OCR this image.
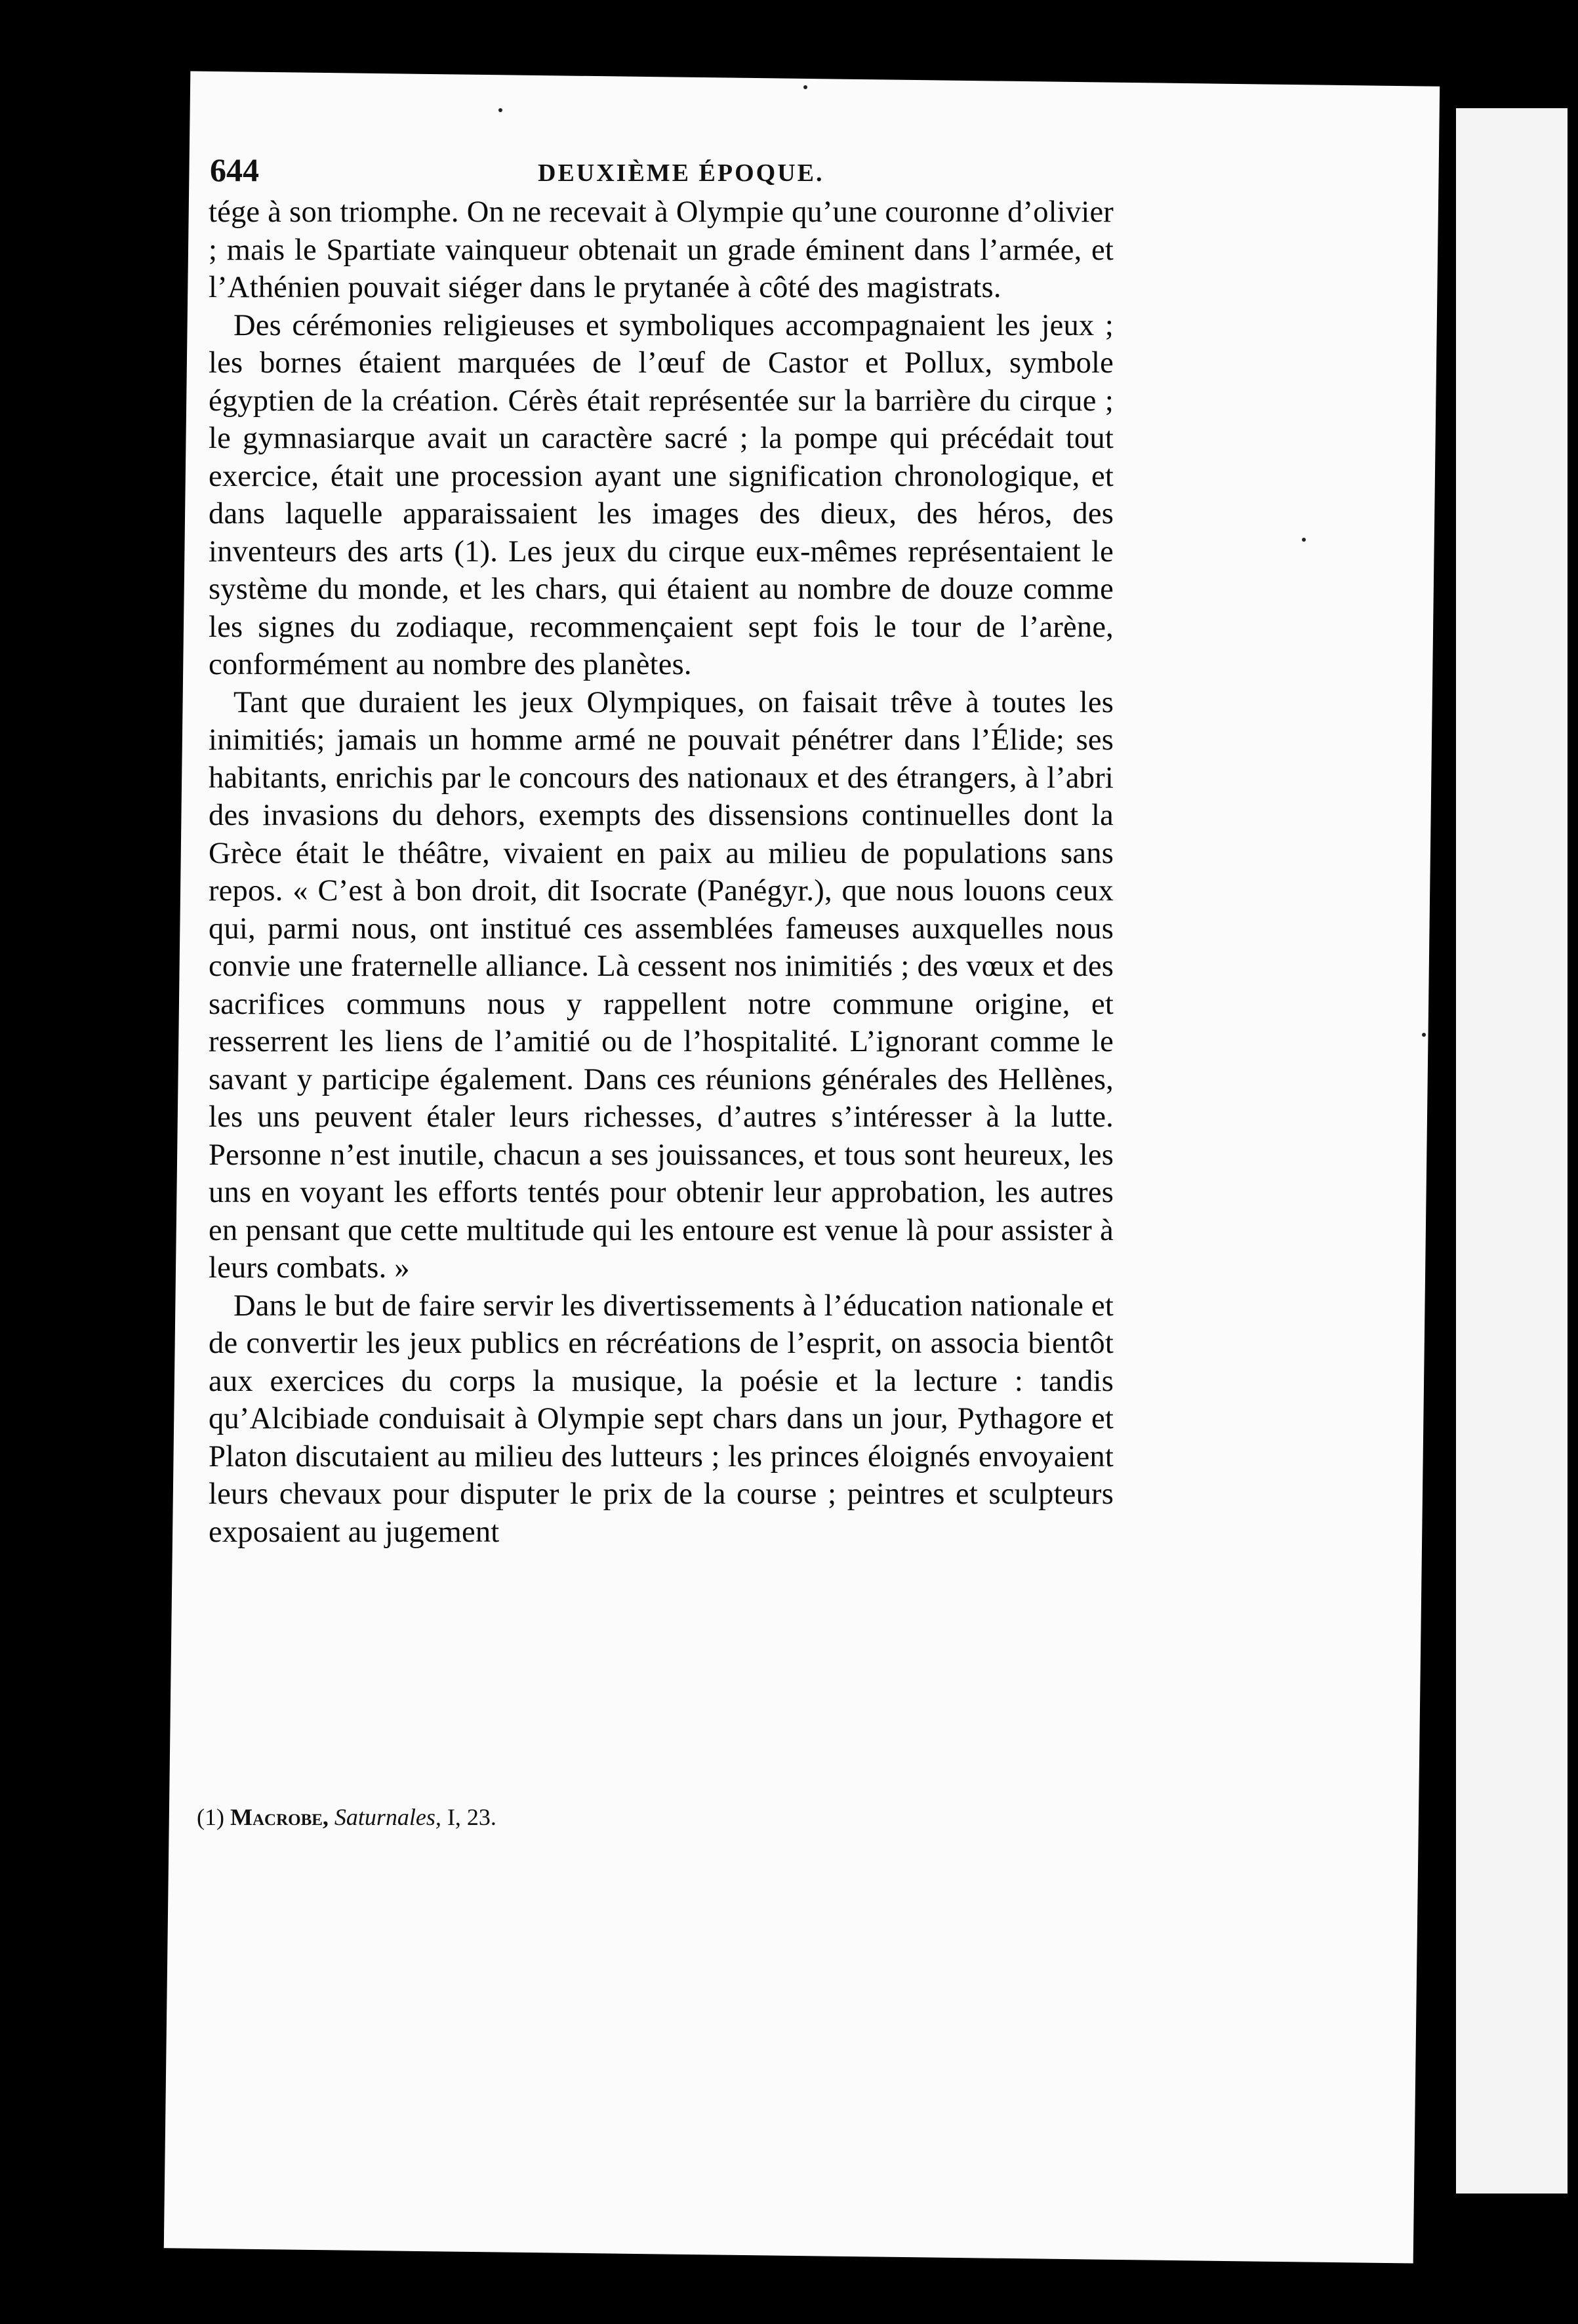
644	DEUXIÈME ÉPOQUE.

tége à son triomphe. On ne recevait à Olympie qu’une couronne d’olivier ; mais le Spartiate vainqueur obtenait un grade éminent dans l’armée, et l’Athénien pouvait siéger dans le prytanée à côté des magistrats.

Des cérémonies religieuses et symboliques accompagnaient les jeux ; les bornes étaient marquées de l’œuf de Castor et Pollux, symbole égyptien de la création. Cérès était représentée sur la barrière du cirque ; le gymnasiarque avait un caractère sacré ; la pompe qui précédait tout exercice, était une procession ayant une signification chronologique, et dans laquelle apparaissaient les images des dieux, des héros, des inventeurs des arts (1). Les jeux du cirque eux-mêmes représentaient le système du monde, et les chars, qui étaient au nombre de douze comme les signes du zodiaque, recommençaient sept fois le tour de l’arène, conformément au nombre des planètes.

Tant que duraient les jeux Olympiques, on faisait trêve à toutes les inimitiés; jamais un homme armé ne pouvait pénétrer dans l’Élide; ses habitants, enrichis par le concours des nationaux et des étrangers, à l’abri des invasions du dehors, exempts des dissensions continuelles dont la Grèce était le théâtre, vivaient en paix au milieu de populations sans repos. « C’est à bon droit, dit Isocrate (Panégyr.), que nous louons ceux qui, parmi nous, ont institué ces assemblées fameuses auxquelles nous convie une fraternelle alliance. Là cessent nos inimitiés ; des vœux et des sacrifices communs nous y rappellent notre commune origine, et resserrent les liens de l’amitié ou de l’hospitalité. L’ignorant comme le savant y participe également. Dans ces réunions générales des Hellènes, les uns peuvent étaler leurs richesses, d’autres s’intéresser à la lutte. Personne n’est inutile, chacun a ses jouissances, et tous sont heureux, les uns en voyant les efforts tentés pour obtenir leur approbation, les autres en pensant que cette multitude qui les entoure est venue là pour assister à leurs combats. »

Dans le but de faire servir les divertissements à l’éducation nationale et de convertir les jeux publics en récréations de l’esprit, on associa bientôt aux exercices du corps la musique, la poésie et la lecture : tandis qu’Alcibiade conduisait à Olympie sept chars dans un jour, Pythagore et Platon discutaient au milieu des lutteurs ; les princes éloignés envoyaient leurs chevaux pour disputer le prix de la course ; peintres et sculpteurs exposaient au jugement

(1) Macrobe, Saturnales, I, 23.
